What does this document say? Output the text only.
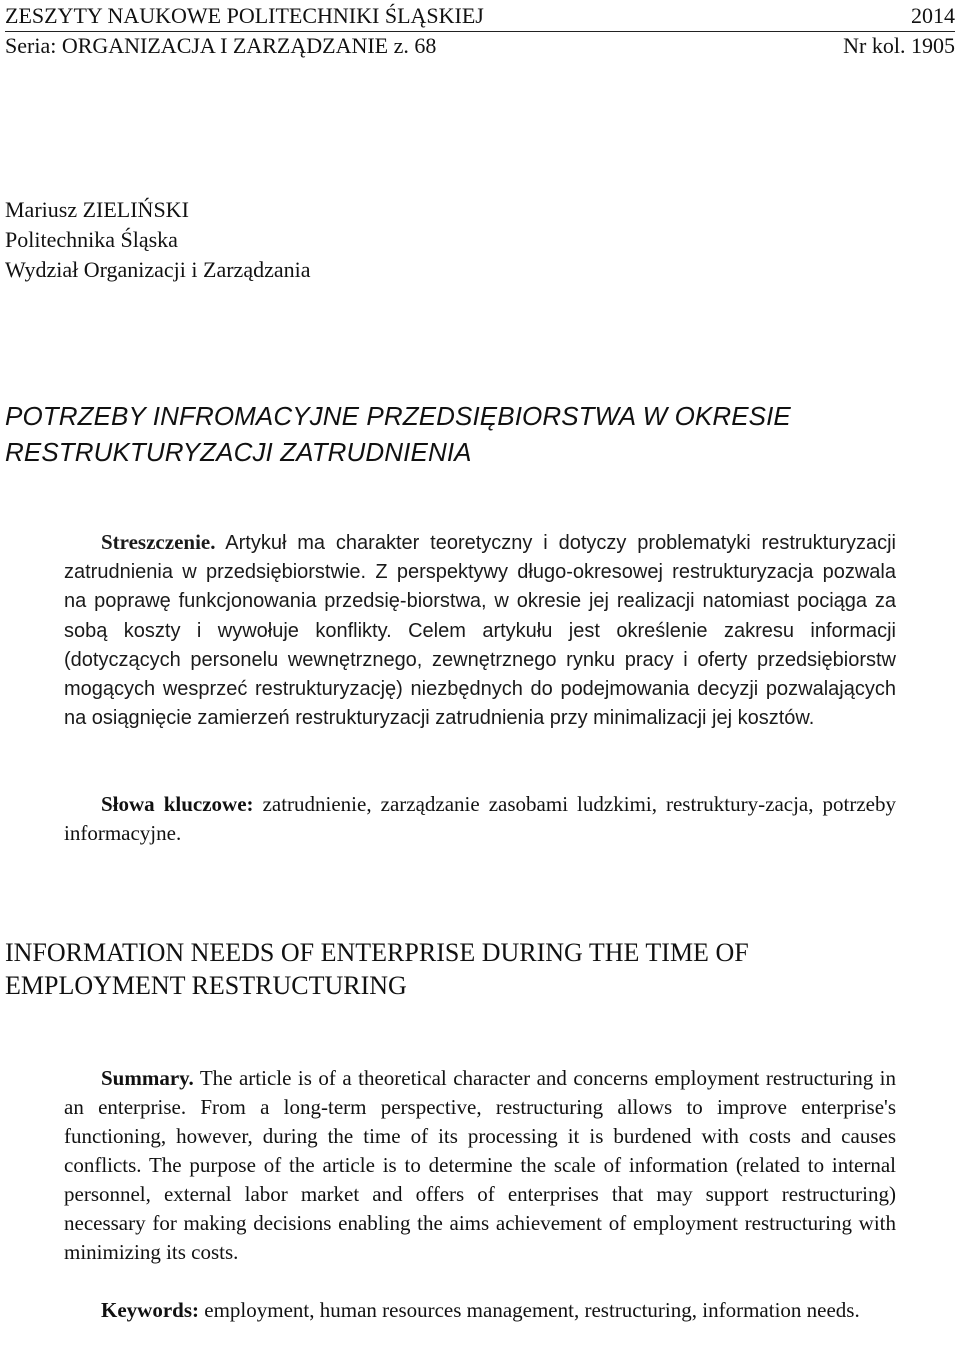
ZESZYTY NAUKOWE POLITECHNIKI ŚLĄSKIEJ	2014
Seria: ORGANIZACJA I ZARZĄDZANIE z. 68	Nr kol. 1905
Mariusz ZIELIŃSKI
Politechnika Śląska
Wydział Organizacji i Zarządzania
POTRZEBY INFROMACYJNE PRZEDSIĘBIORSTWA W OKRESIE
RESTRUKTURYZACJI ZATRUDNIENIA

Streszczenie. Artykuł ma charakter teoretyczny i dotyczy problematyki restrukturyzacji zatrudnienia w przedsiębiorstwie. Z perspektywy długo-okresowej restrukturyzacja pozwala na poprawę funkcjonowania przedsię-biorstwa, w okresie jej realizacji natomiast pociąga za sobą koszty i wywołuje konflikty. Celem artykułu jest określenie zakresu informacji (dotyczących personelu wewnętrznego, zewnętrznego rynku pracy i oferty przedsiębiorstw mogących wesprzeć restrukturyzację) niezbędnych do podejmowania decyzji pozwalających na osiągnięcie zamierzeń restrukturyzacji zatrudnienia przy minimalizacji jej kosztów.

Słowa kluczowe: zatrudnienie, zarządzanie zasobami ludzkimi, restruktury-zacja, potrzeby informacyjne.

INFORMATION NEEDS OF ENTERPRISE DURING THE TIME OF
EMPLOYMENT RESTRUCTURING

Summary. The article is of a theoretical character and concerns employment restructuring in an enterprise. From a long-term perspective, restructuring allows to improve enterprise's functioning, however, during the time of its processing it is burdened with costs and causes conflicts. The purpose of the article is to determine the scale of information (related to internal personnel, external labor market and offers of enterprises that may support restructuring) necessary for making decisions enabling the aims achievement of employment restructuring with minimizing its costs.

Keywords: employment, human resources management, restructuring, information needs.
